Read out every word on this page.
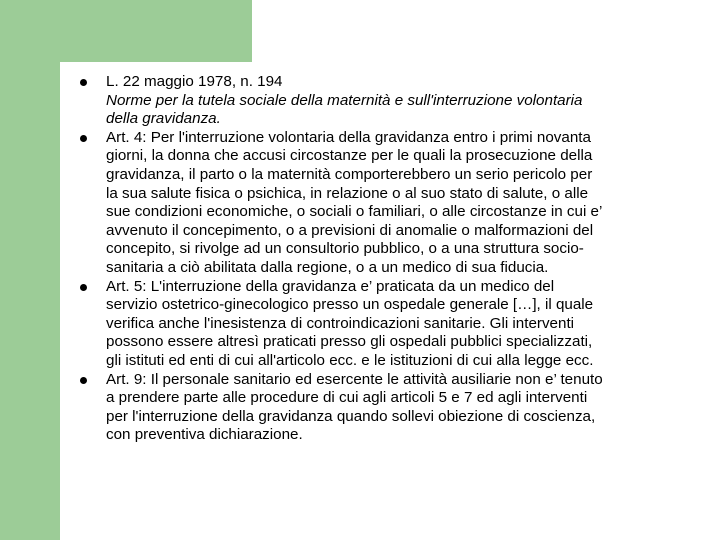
L. 22 maggio 1978, n. 194
Norme per la tutela sociale della maternità e sull'interruzione volontaria
della gravidanza.
Art. 4: Per l'interruzione volontaria della gravidanza entro i primi novanta
giorni, la donna che accusi circostanze per le quali la prosecuzione della
gravidanza, il parto o la maternità comporterebbero un serio pericolo per
la sua salute fisica o psichica, in relazione o al suo stato di salute, o alle
sue condizioni economiche, o sociali o familiari, o alle circostanze in cui e’
avvenuto il concepimento, o a previsioni di anomalie o malformazioni del
concepito, si rivolge ad un consultorio pubblico, o a una struttura socio-
sanitaria a ciò abilitata dalla regione, o a un medico di sua fiducia.
Art. 5: L'interruzione della gravidanza e’ praticata da un medico del
servizio ostetrico-ginecologico presso un ospedale generale […], il quale
verifica anche l'inesistenza di controindicazioni sanitarie. Gli interventi
possono essere altresì praticati presso gli ospedali pubblici specializzati,
gli istituti ed enti di cui all'articolo ecc. e le istituzioni di cui alla legge ecc.
Art. 9: Il personale sanitario ed esercente le attività ausiliarie non e’ tenuto
a prendere parte alle procedure di cui agli articoli 5 e 7 ed agli interventi
per l'interruzione della gravidanza quando sollevi obiezione di coscienza,
con preventiva dichiarazione.
